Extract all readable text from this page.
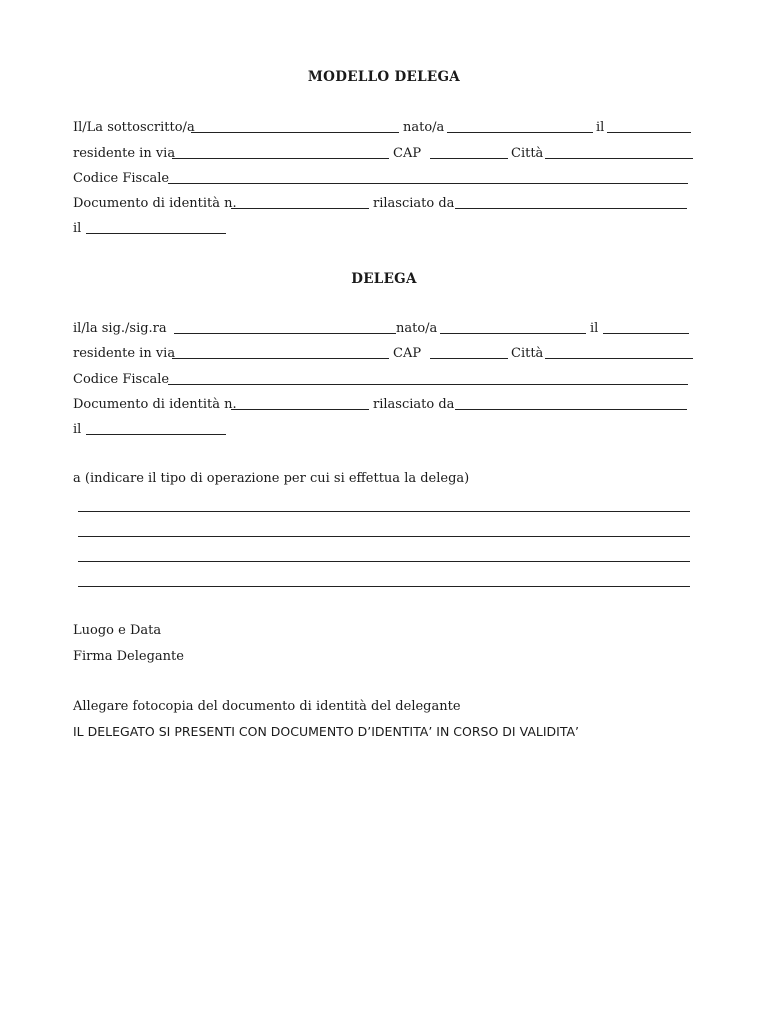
MODELLO DELEGA
Il/La sottoscritto/a	nato/a	il
residente in via	CAP	Città
Codice Fiscale
Documento di identità n.	rilasciato da
il
DELEGA
il/la sig./sig.ra	nato/a	il
residente in via	CAP	Città
Codice Fiscale
Documento di identità n.	rilasciato da
il
a (indicare il tipo di operazione per cui si effettua la delega)
Luogo e Data
Firma Delegante
Allegare fotocopia del documento di identità del delegante
IL DELEGATO SI PRESENTI CON DOCUMENTO D’IDENTITA’ IN CORSO DI VALIDITA’
